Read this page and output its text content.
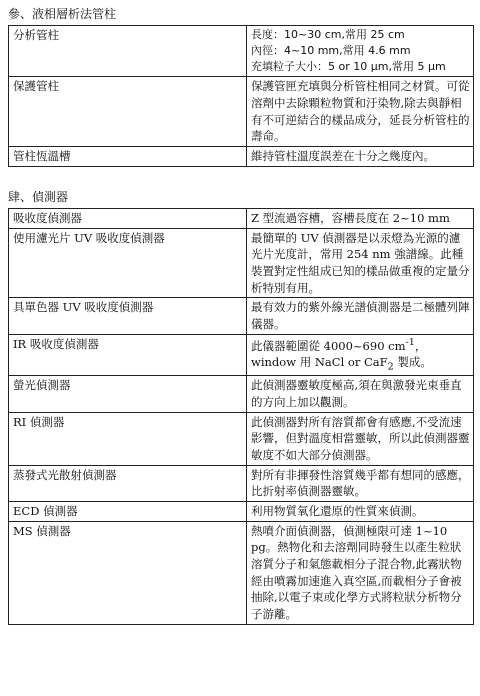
參、液相層析法管柱
分析管柱	長度：10~30 cm,常用 25 cm
內徑：4~10 mm,常用 4.6 mm
充填粒子大小：5 or 10 μm,常用 5 μm

保護管柱	保護管匣充填與分析管柱相同之材質。可從溶劑中去除顆粒物質和汙染物,除去與靜相有不可逆結合的樣品成分，延長分析管柱的壽命。
管柱恆溫槽	維持管柱溫度誤差在十分之幾度內。
肆、偵測器
吸收度偵測器	Z 型流過容槽，容槽長度在 2~10 mm
使用濾光片 UV 吸收度偵測器	最簡單的 UV 偵測器是以汞燈為光源的濾光片光度計，常用 254 nm 強譜線。此種裝置對定性組成已知的樣品做重複的定量分析特別有用。
具單色器 UV 吸收度偵測器	最有效力的紫外線光譜偵測器是二極體列陣儀器。
IR 吸收度偵測器	此儀器範圍從 4000~690 $cm^{-1}$，window 用 NaCl or CaF$_2$ 製成。
螢光偵測器	此偵測器靈敏度極高,須在與激發光束垂直的方向上加以觀測。
RI 偵測器	此偵測器對所有溶質都會有感應,不受流速影響，但對溫度相當靈敏，所以此偵測器靈敏度不如大部分偵測器。
蒸發式光散射偵測器	對所有非揮發性溶質幾乎都有想同的感應，比折射率偵測器靈敏。
ECD 偵測器	利用物質氧化還原的性質來偵測。
MS 偵測器	熱噴介面偵測器，偵測極限可達 1~10 pg。熱物化和去溶劑同時發生以產生粒狀溶質分子和氣態載相分子混合物,此霧狀物經由噴霧加速進入真空區,而載相分子會被抽除,以電子束或化學方式將粒狀分析物分子游離。
